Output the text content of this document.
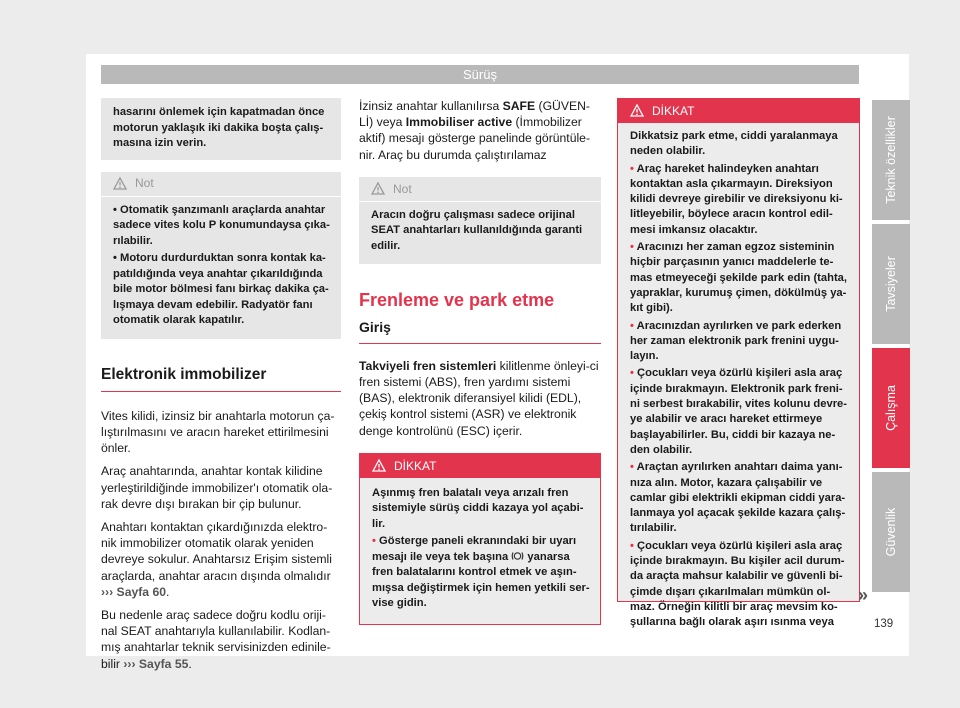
Sürüş
hasarını önlemek için kapatmadan önce motorun yaklaşık iki dakika boşta çalış-masına izin verin.
Not

• Otomatik şanzımanlı araçlarda anahtar sadece vites kolu P konumundaysa çıka-rılabilir.

• Motoru durdurduktan sonra kontak ka-patıldığında veya anahtar çıkarıldığında bile motor bölmesi fanı birkaç dakika ça-lışmaya devam edebilir. Radyatör fanı otomatik olarak kapatılır.

Elektronik immobilizer

Vites kilidi, izinsiz bir anahtarla motorun ça-lıştırılmasını ve aracın hareket ettirilmesini önler.

Araç anahtarında, anahtar kontak kilidine yerleştirildiğinde immobilizer'ı otomatik ola-rak devre dışı bırakan bir çip bulunur.

Anahtarı kontaktan çıkardığınızda elektro-nik immobilizer otomatik olarak yeniden devreye sokulur. Anahtarsız Erişim sistemli araçlarda, anahtar aracın dışında olmalıdır ››› Sayfa 60.

Bu nedenle araç sadece doğru kodlu oriji-nal SEAT anahtarıyla kullanılabilir. Kodlan-mış anahtarlar teknik servisinizden edinile-bilir ››› Sayfa 55.

İzinsiz anahtar kullanılırsa SAFE (GÜVEN-Lİ) veya Immobiliser active (İmmobilizer aktif) mesajı gösterge panelinde görüntüle-nir. Araç bu durumda çalıştırılamaz

Not

Aracın doğru çalışması sadece orijinal SEAT anahtarları kullanıldığında garanti edilir.

Frenleme ve park etme
Giriş

Takviyeli fren sistemleri kilitlenme önleyi-ci fren sistemi (ABS), fren yardımı sistemi (BAS), elektronik diferansiyel kilidi (EDL), çekiş kontrol sistemi (ASR) ve elektronik denge kontrolünü (ESC) içerir.

DİKKAT

Aşınmış fren balatalı veya arızalı fren sistemiyle sürüş ciddi kazaya yol açabi-lir.

• Gösterge paneli ekranındaki bir uyarı mesajı ile veya tek başına  yanarsa fren balatalarını kontrol etmek ve aşın-mışsa değiştirmek için hemen yetkili ser-vise gidin.

DİKKAT

Dikkatsiz park etme, ciddi yaralanmaya neden olabilir.

• Araç hareket halindeyken anahtarı kontaktan asla çıkarmayın. Direksiyon kilidi devreye girebilir ve direksiyonu ki-litleyebilir, böylece aracın kontrol edil-mesi imkansız olacaktır.

• Aracınızı her zaman egzoz sisteminin hiçbir parçasının yanıcı maddelerle te-mas etmeyeceği şekilde park edin (tahta, yapraklar, kurumuş çimen, dökülmüş ya-kıt gibi).

• Aracınızdan ayrılırken ve park ederken her zaman elektronik park frenini uygu-layın.

• Çocukları veya özürlü kişileri asla araç içinde bırakmayın. Elektronik park freni-ni serbest bırakabilir, vites kolunu devre-ye alabilir ve aracı hareket ettirmeye başlayabilirler. Bu, ciddi bir kazaya ne-den olabilir.

• Araçtan ayrılırken anahtarı daima yanı-nıza alın. Motor, kazara çalışabilir ve camlar gibi elektrikli ekipman ciddi yara-lanmaya yol açacak şekilde kazara çalış-tırılabilir.

• Çocukları veya özürlü kişileri asla araç içinde bırakmayın. Bu kişiler acil durum-da araçta mahsur kalabilir ve güvenli bi-çimde dışarı çıkarılmaları mümkün ol-maz. Örneğin kilitli bir araç mevsim ko-şullarına bağlı olarak aşırı ısınma veya

»
Teknik özellikler
Tavsiyeler
Çalışma
Güvenlik
139
